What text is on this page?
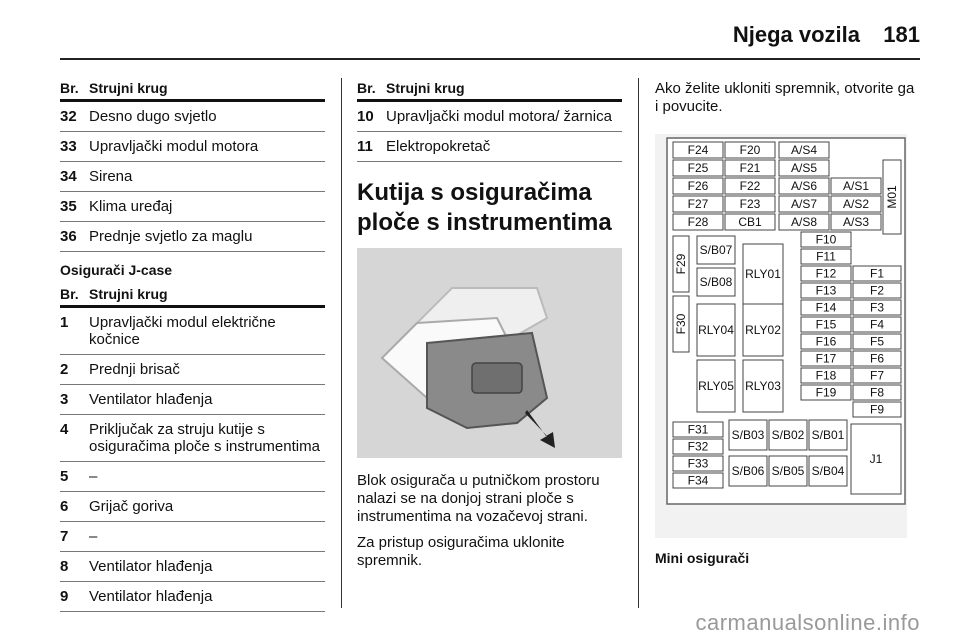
Njega vozila 181
Br. Strujni krug
32 Desno dugo svjetlo
33 Upravljački modul motora
34 Sirena
35 Klima uređaj
36 Prednje svjetlo za maglu
Osigurači J-case
Br. Strujni krug
1	Upravljački modul električne kočnice
2	Prednji brisač
3	Ventilator hlađenja
4	Priključak za struju kutije s osiguračima ploče s instrumentima
5	–
6	Grijač goriva
7	–
8	Ventilator hlađenja
9	Ventilator hlađenja
Br. Strujni krug
10 Upravljački modul motora/ žarnica
11 Elektropokretač
Kutija s osiguračima ploče s instrumentima

Blok osigurača u putničkom prostoru nalazi se na donjoj strani ploče s instrumentima na vozačevoj strani.

Za pristup osiguračima uklonite spremnik.

Ako želite ukloniti spremnik, otvorite ga i povucite.

F24	F20	A/S4
F25	F21	A/S5
F26	F22	A/S6 A/S1
F27	F23	A/S7 A/S2
F28 CB1 A/S8 A/S3
M01
F29
F30
S/B07
S/B08
RLY01
RLY04 RLY02
RLY05 RLY03
F10
F11
F12	F1
F13	F2
F14	F3
F15	F4
F16	F5
F17	F6
F18	F7
F19	F8
F9
F31
F32
F33
F34
S/B03 S/B02 S/B01
S/B06 S/B05 S/B04
J1
Mini osigurači
carmanualsonline.info
